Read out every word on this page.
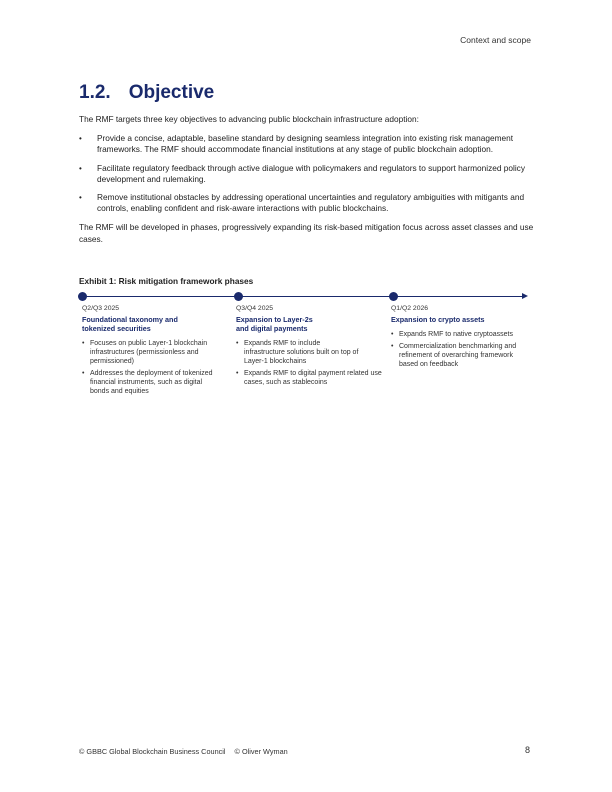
Context and scope
1.2. Objective

The RMF targets three key objectives to advancing public blockchain infrastructure adoption:

• Provide a concise, adaptable, baseline standard by designing seamless integration into existing risk management frameworks. The RMF should accommodate financial institutions at any stage of public blockchain adoption.
• Facilitate regulatory feedback through active dialogue with policymakers and regulators to support harmonized policy development and rulemaking.
• Remove institutional obstacles by addressing operational uncertainties and regulatory ambiguities with mitigants and controls, enabling confident and risk-aware interactions with public blockchains.

The RMF will be developed in phases, progressively expanding its risk-based mitigation focus across asset classes and use cases.

Exhibit 1: Risk mitigation framework phases
Q2/Q3 2025
Foundational taxonomy and tokenized securities
• Focuses on public Layer-1 blockchain infrastructures (permissionless and permissioned)
• Addresses the deployment of tokenized financial instruments, such as digital bonds and equities
Q3/Q4 2025
Expansion to Layer-2s and digital payments
• Expands RMF to include infrastructure solutions built on top of Layer-1 blockchains
• Expands RMF to digital payment related use cases, such as stablecoins
Q1/Q2 2026
Expansion to crypto assets
• Expands RMF to native cryptoassets
• Commercialization benchmarking and refinement of overarching framework based on feedback
© GBBC Global Blockchain Business Council © Oliver Wyman	8
